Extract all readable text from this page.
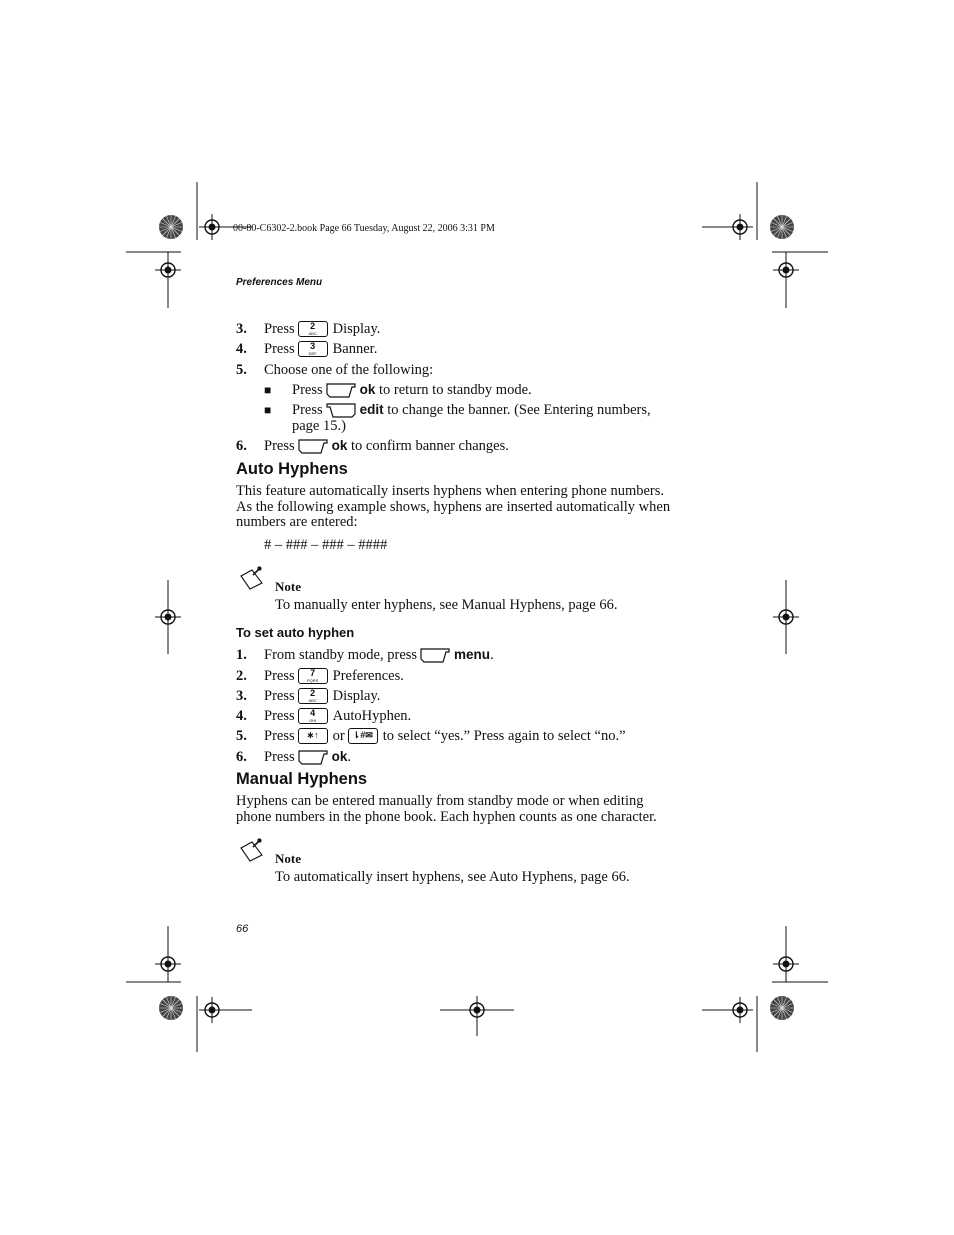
00-80-C6302-2.book Page 66 Tuesday, August 22, 2006 3:31 PM
Preferences Menu
3.	Press	2
ABC	Display.
4.	Press	3
DEF	Banner.
5.	Choose one of the following:
■	Press	ok
to return to standby mode.
■	Press	edit
to change the banner. (See Entering numbers,
page 15.)
6.	Press	ok
to confirm banner changes.
Auto Hyphens
This feature automatically inserts hyphens when entering phone numbers.
As the following example shows, hyphens are inserted automatically when
numbers are entered:
# – ### – ### – ####
Note
To manually enter hyphens, see Manual Hyphens, page 66.
To set auto hyphen
1.	From standby mode, press	menu .
2.	Press	7
PQRS Preferences.
3.	Press	2
ABC	Display.
4.	Press	4
GHI	AutoHyphen.
5.	Press	∗↑ or ⇂#✉ to select “yes.” Press again to select “no.”
6.	Press	ok .
Manual Hyphens
Hyphens can be entered manually from standby mode or when editing
phone numbers in the phone book. Each hyphen counts as one character.
Note
To automatically insert hyphens, see Auto Hyphens, page 66.
66
